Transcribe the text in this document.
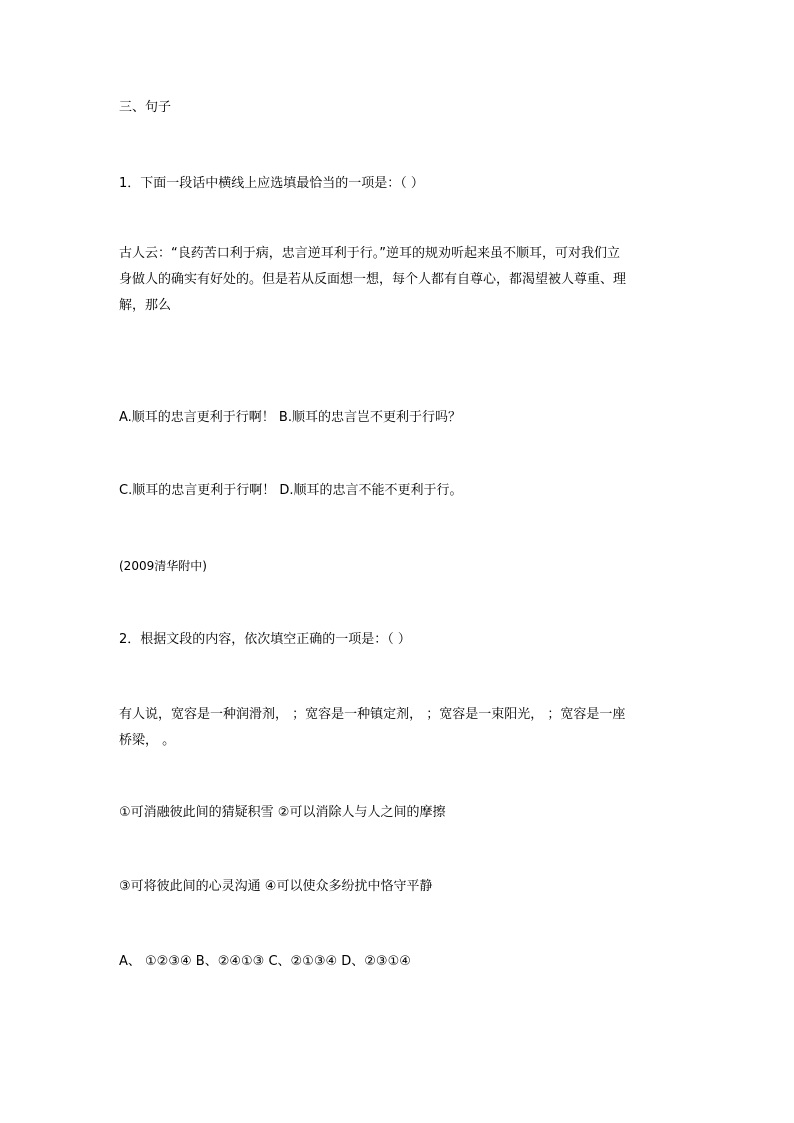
三、句子
1．下面一段话中横线上应选填最恰当的一项是：（ ）
古人云：“良药苦口利于病，忠言逆耳利于行。”逆耳的规劝听起来虽不顺耳，可对我们立
身做人的确实有好处的。但是若从反面想一想，每个人都有自尊心，都渴望被人尊重、理
解，那么
A.顺耳的忠言更利于行啊！ B.顺耳的忠言岂不更利于行吗？
C.顺耳的忠言更利于行啊！ D.顺耳的忠言不能不更利于行。
(2009清华附中)
2．根据文段的内容，依次填空正确的一项是：（ ）
有人说，宽容是一种润滑剂， ；宽容是一种镇定剂， ；宽容是一束阳光， ；宽容是一座
桥梁， 。
①可消融彼此间的猜疑积雪 ②可以消除人与人之间的摩擦
③可将彼此间的心灵沟通 ④可以使众多纷扰中恪守平静
A、 ①②③④ B、②④①③ C、②①③④ D、②③①④
